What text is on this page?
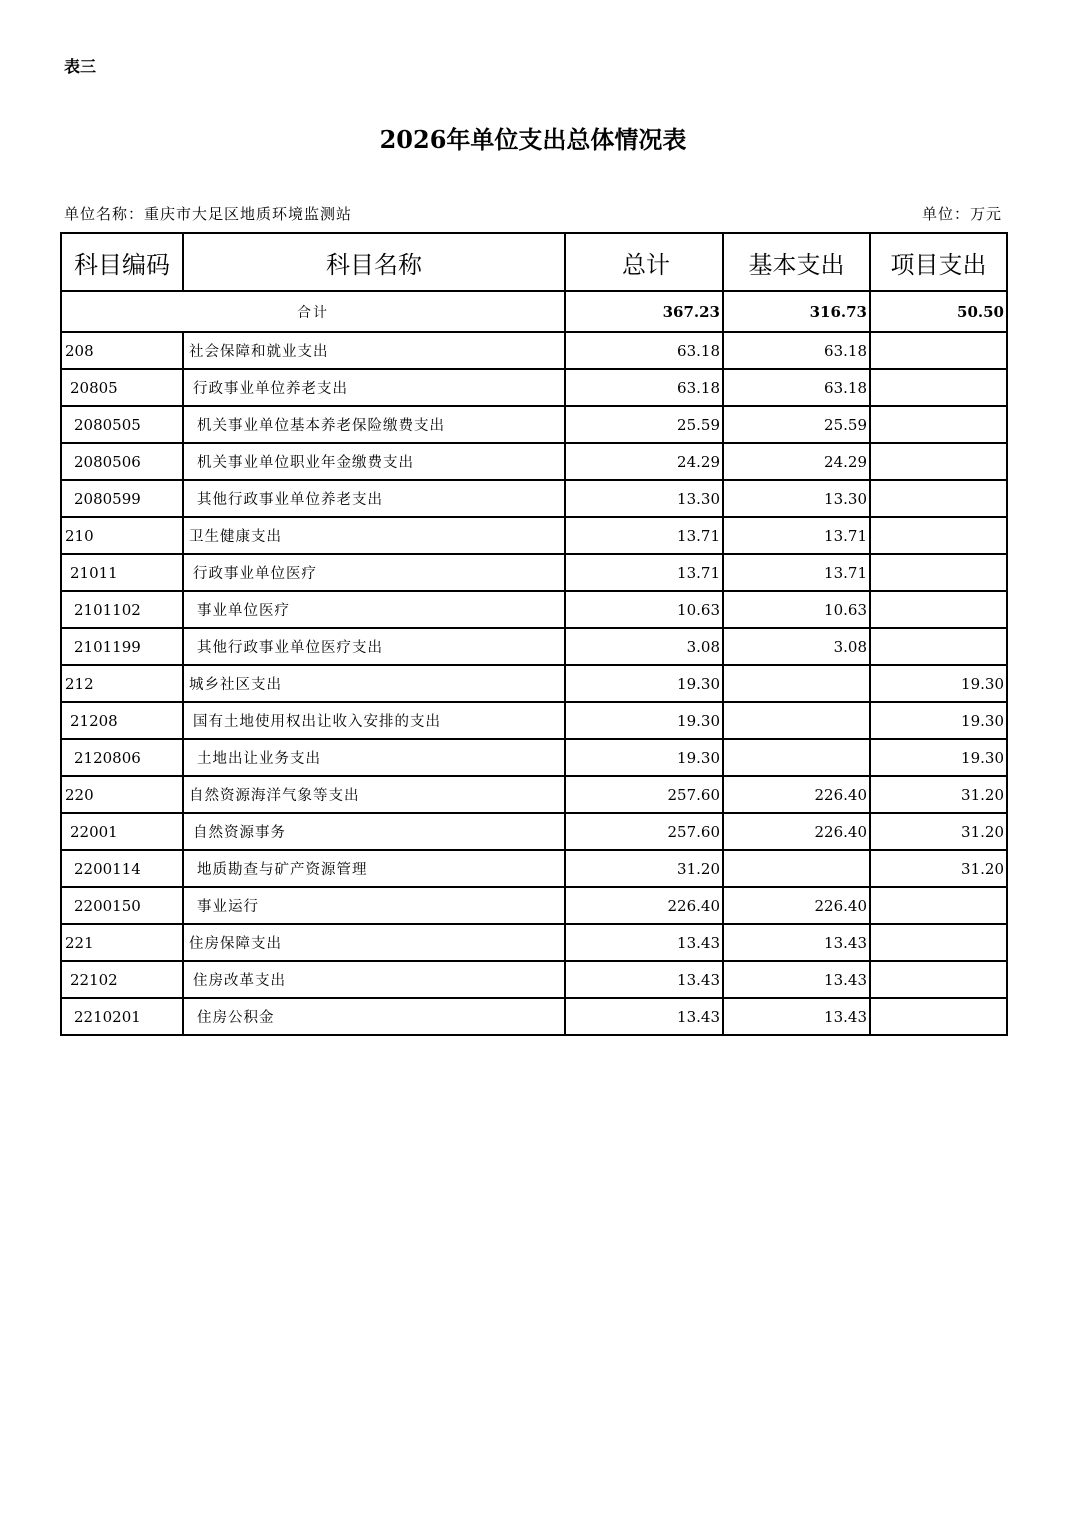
表三
2026年单位支出总体情况表
单位名称：重庆市大足区地质环境监测站	单位：万元
科目编码	科目名称	总计	基本支出	项目支出
合计		367.23	316.73	50.50
208	社会保障和就业支出	63.18	63.18	
20805	行政事业单位养老支出	63.18	63.18	
2080505	机关事业单位基本养老保险缴费支出	25.59	25.59	
2080506	机关事业单位职业年金缴费支出	24.29	24.29	
2080599	其他行政事业单位养老支出	13.30	13.30	
210	卫生健康支出	13.71	13.71	
21011	行政事业单位医疗	13.71	13.71	
2101102	事业单位医疗	10.63	10.63	
2101199	其他行政事业单位医疗支出	3.08	3.08	
212	城乡社区支出	19.30		19.30
21208	国有土地使用权出让收入安排的支出	19.30		19.30
2120806	土地出让业务支出	19.30		19.30
220	自然资源海洋气象等支出	257.60	226.40	31.20
22001	自然资源事务	257.60	226.40	31.20
2200114	地质勘查与矿产资源管理	31.20		31.20
2200150	事业运行	226.40	226.40	
221	住房保障支出	13.43	13.43	
22102	住房改革支出	13.43	13.43	
2210201	住房公积金	13.43	13.43	
